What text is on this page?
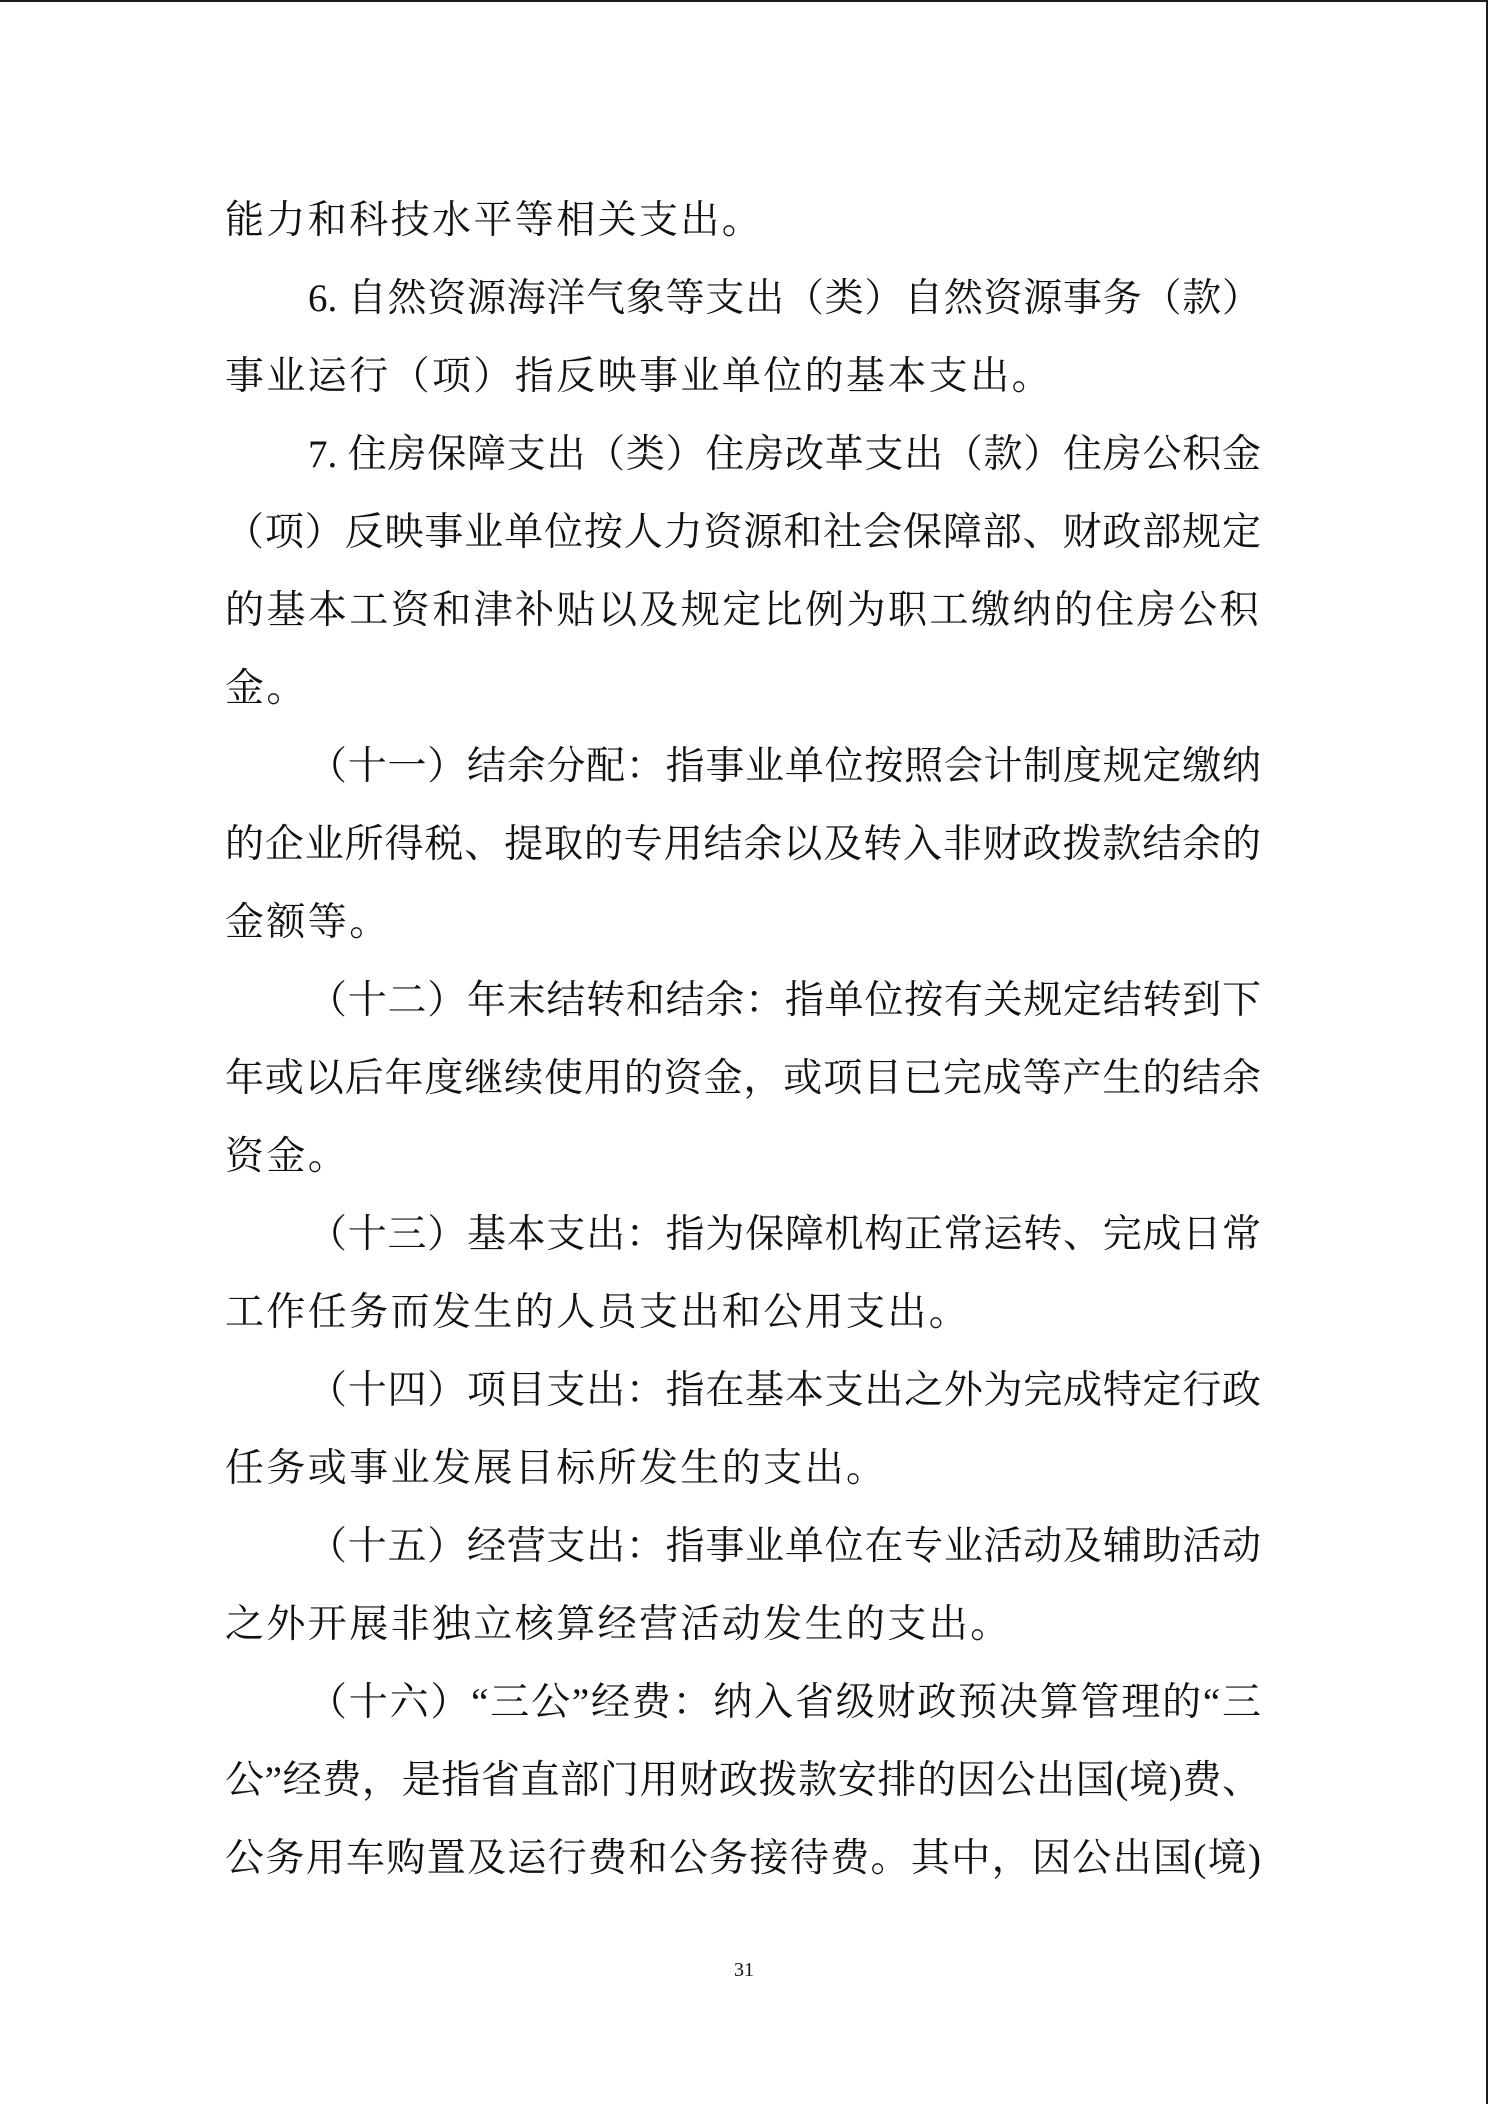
能力和科技水平等相关支出。
6. 自然资源海洋气象等支出（类）自然资源事务（款）
事业运行（项）指反映事业单位的基本支出。
7. 住房保障支出（类）住房改革支出（款）住房公积金
（项）反映事业单位按人力资源和社会保障部、财政部规定
的基本工资和津补贴以及规定比例为职工缴纳的住房公积
金。
（十一）结余分配：指事业单位按照会计制度规定缴纳
的企业所得税、提取的专用结余以及转入非财政拨款结余的
金额等。
（十二）年末结转和结余：指单位按有关规定结转到下
年或以后年度继续使用的资金，或项目已完成等产生的结余
资金。
（十三）基本支出：指为保障机构正常运转、完成日常
工作任务而发生的人员支出和公用支出。
（十四）项目支出：指在基本支出之外为完成特定行政
任务或事业发展目标所发生的支出。
（十五）经营支出：指事业单位在专业活动及辅助活动
之外开展非独立核算经营活动发生的支出。
（十六）“三公”经费：纳入省级财政预决算管理的“三
公”经费，是指省直部门用财政拨款安排的因公出国(境)费、
公务用车购置及运行费和公务接待费。其中，因公出国(境)
31
